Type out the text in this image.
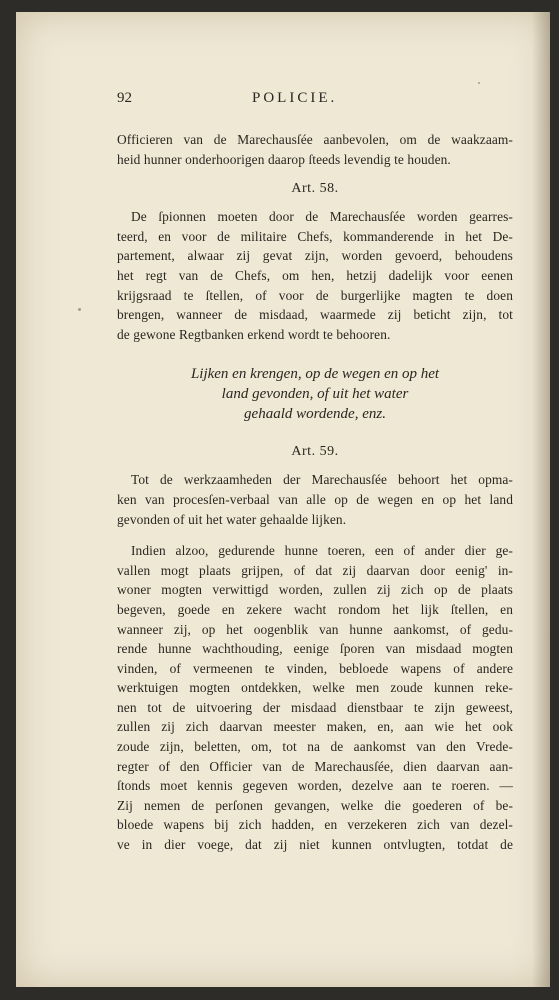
92	POLICIE.
Officieren van de Marechausſée aanbevolen, om de waakzaam-
heid hunner onderhoorigen daarop ſteeds levendig te houden.
Art. 58.
De ſpionnen moeten door de Marechausſée worden gearres-
teerd, en voor de militaire Chefs, kommanderende in het De-
partement, alwaar zij gevat zijn, worden gevoerd, behoudens
het regt van de Chefs, om hen, hetzij dadelijk voor eenen
krijgsraad te ſtellen, of voor de burgerlijke magten te doen
brengen, wanneer de misdaad, waarmede zij beticht zijn, tot
de gewone Regtbanken erkend wordt te behooren.
Lijken en krengen, op de wegen en op het
land gevonden, of uit het water
gehaald wordende, enz.
Art. 59.
Tot de werkzaamheden der Marechausſée behoort het opma-
ken van procesſen-verbaal van alle op de wegen en op het land
gevonden of uit het water gehaalde lijken.
Indien alzoo, gedurende hunne toeren, een of ander dier ge-
vallen mogt plaats grijpen, of dat zij daarvan door eenig' in-
woner mogten verwittigd worden, zullen zij zich op de plaats
begeven, goede en zekere wacht rondom het lijk ſtellen, en
wanneer zij, op het oogenblik van hunne aankomst, of gedu-
rende hunne wachthouding, eenige ſporen van misdaad mogten
vinden, of vermeenen te vinden, bebloede wapens of andere
werktuigen mogten ontdekken, welke men zoude kunnen reke-
nen tot de uitvoering der misdaad dienstbaar te zijn geweest,
zullen zij zich daarvan meester maken, en, aan wie het ook
zoude zijn, beletten, om, tot na de aankomst van den Vrede-
regter of den Officier van de Marechausſée, dien daarvan aan-
ſtonds moet kennis gegeven worden, dezelve aan te roeren. —
Zij nemen de perſonen gevangen, welke die goederen of be-
bloede wapens bij zich hadden, en verzekeren zich van dezel-
ve in dier voege, dat zij niet kunnen ontvlugten, totdat de
